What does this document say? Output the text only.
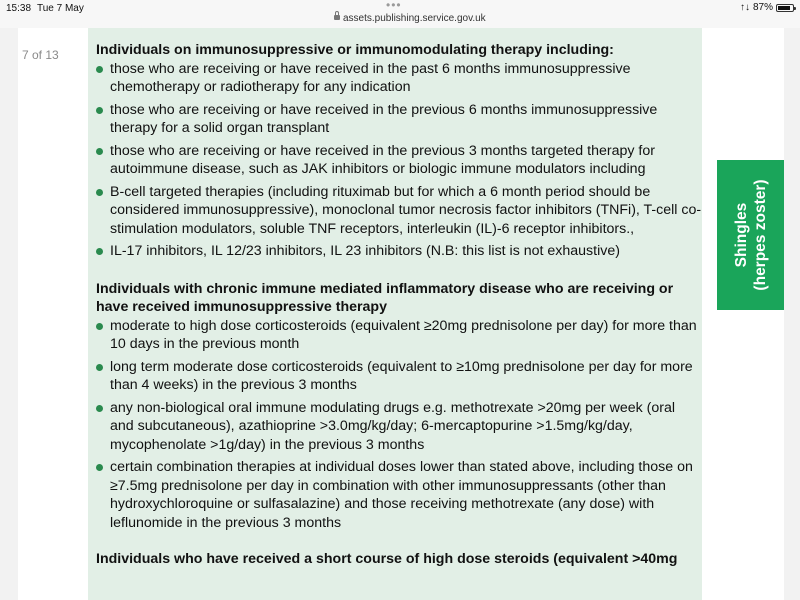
15:38 Tue 7 May	•••
assets.publishing.service.gov.uk
↑↓ 87%
7 of 13	Individuals on immunosuppressive or immunomodulating therapy including:

those who are receiving or have received in the past 6 months immunosuppressive chemotherapy or radiotherapy for any indication
those who are receiving or have received in the previous 6 months immunosuppressive therapy for a solid organ transplant
those who are receiving or have received in the previous 3 months targeted therapy for autoimmune disease, such as JAK inhibitors or biologic immune modulators including
B-cell targeted therapies (including rituximab but for which a 6 month period should be considered immunosuppressive), monoclonal tumor necrosis factor inhibitors (TNFi), T-cell co-stimulation modulators, soluble TNF receptors, interleukin (IL)-6 receptor inhibitors.,
IL-17 inhibitors, IL 12/23 inhibitors, IL 23 inhibitors (N.B: this list is not exhaustive)

Individuals with chronic immune mediated inflammatory disease who are receiving or have received immunosuppressive therapy

moderate to high dose corticosteroids (equivalent ≥20mg prednisolone per day) for more than 10 days in the previous month
long term moderate dose corticosteroids (equivalent to ≥10mg prednisolone per day for more than 4 weeks) in the previous 3 months
any non-biological oral immune modulating drugs e.g. methotrexate >20mg per week (oral and subcutaneous), azathioprine >3.0mg/kg/day; 6-mercaptopurine >1.5mg/kg/day, mycophenolate >1g/day) in the previous 3 months
certain combination therapies at individual doses lower than stated above, including those on ≥7.5mg prednisolone per day in combination with other immunosuppressants (other than hydroxychloroquine or sulfasalazine) and those receiving methotrexate (any dose) with leflunomide in the previous 3 months

Individuals who have received a short course of high dose steroids (equivalent >40mg

Shingles (herpes zoster)
